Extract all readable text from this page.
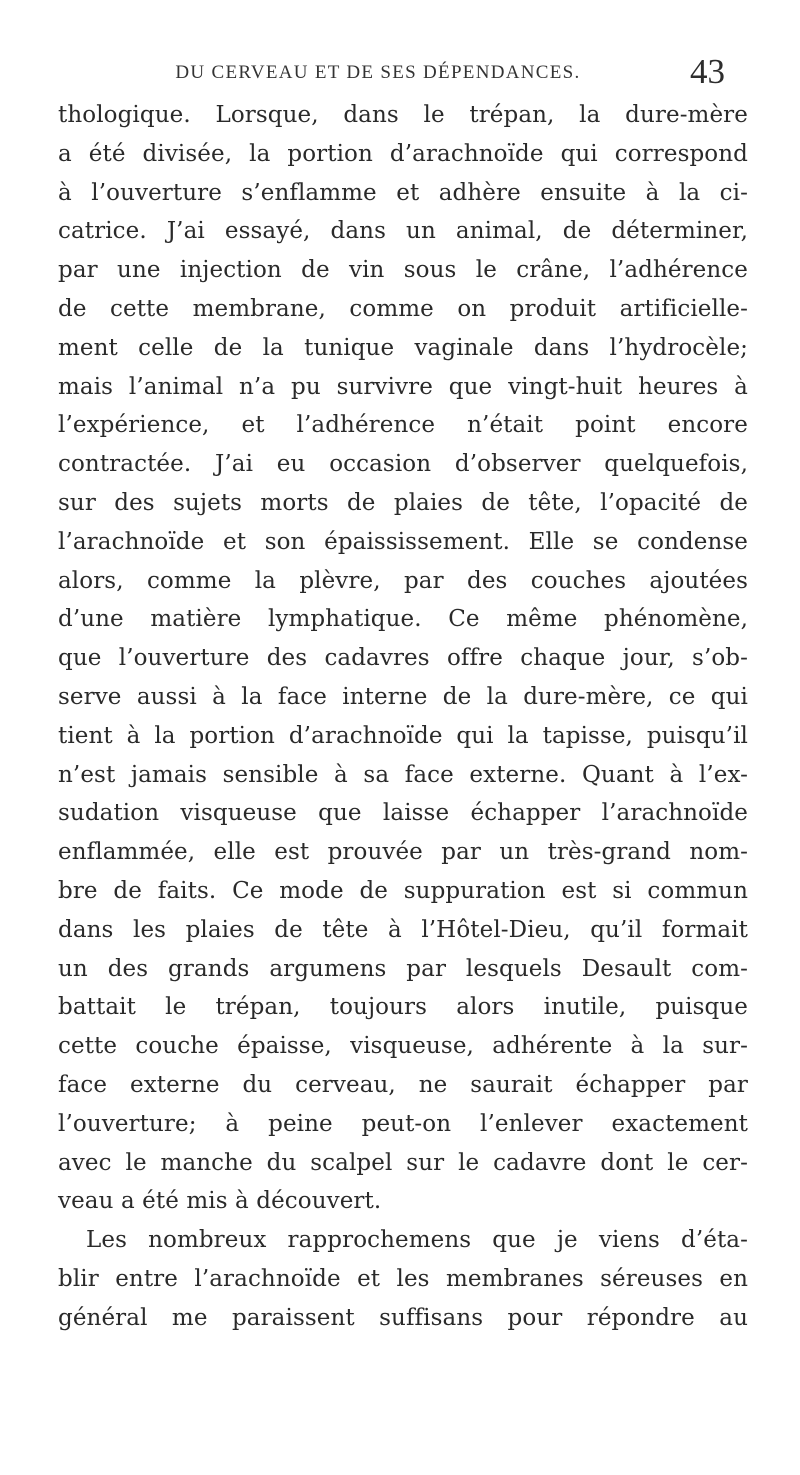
DU CERVEAU ET DE SES DÉPENDANCES.	43
thologique. Lorsque, dans le trépan, la dure-mère
a été divisée, la portion d’arachnoïde qui correspond
à l’ouverture s’enflamme et adhère ensuite à la ci-
catrice. J’ai essayé, dans un animal, de déterminer,
par une injection de vin sous le crâne, l’adhérence
de cette membrane, comme on produit artificielle-
ment celle de la tunique vaginale dans l’hydrocèle;
mais l’animal n’a pu survivre que vingt-huit heures à
l’expérience, et l’adhérence n’était point encore
contractée. J’ai eu occasion d’observer quelquefois,
sur des sujets morts de plaies de tête, l’opacité de
l’arachnoïde et son épaississement. Elle se condense
alors, comme la plèvre, par des couches ajoutées
d’une matière lymphatique. Ce même phénomène,
que l’ouverture des cadavres offre chaque jour, s’ob-
serve aussi à la face interne de la dure-mère, ce qui
tient à la portion d’arachnoïde qui la tapisse, puisqu’il
n’est jamais sensible à sa face externe. Quant à l’ex-
sudation visqueuse que laisse échapper l’arachnoïde
enflammée, elle est prouvée par un très-grand nom-
bre de faits. Ce mode de suppuration est si commun
dans les plaies de tête à l’Hôtel-Dieu, qu’il formait
un des grands argumens par lesquels Desault com-
battait le trépan, toujours alors inutile, puisque
cette couche épaisse, visqueuse, adhérente à la sur-
face externe du cerveau, ne saurait échapper par
l’ouverture; à peine peut-on l’enlever exactement
avec le manche du scalpel sur le cadavre dont le cer-
veau a été mis à découvert.
Les nombreux rapprochemens que je viens d’éta-
blir entre l’arachnoïde et les membranes séreuses en
général me paraissent suffisans pour répondre au
